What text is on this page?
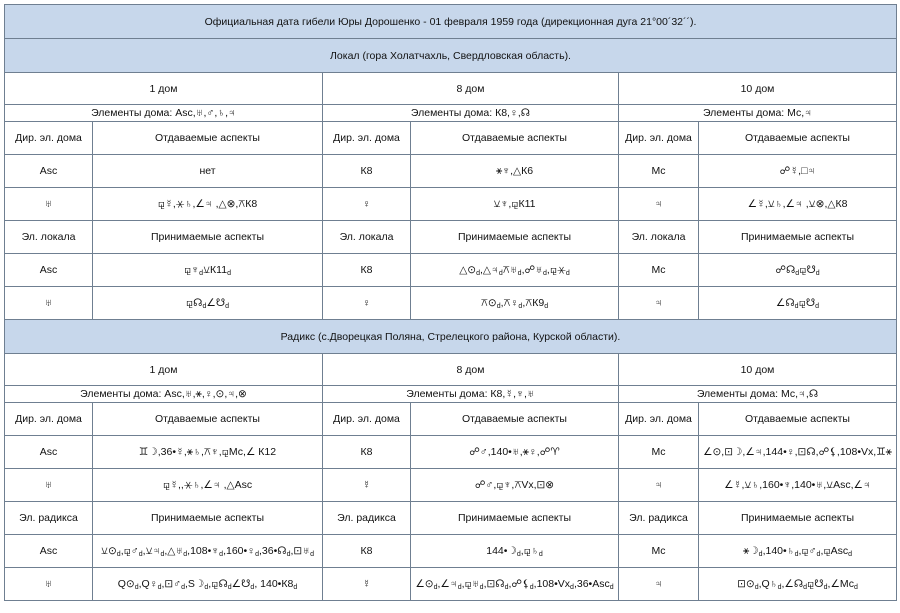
Официальная дата гибели Юры Дорошенко - 01 февраля 1959 года (дирекционная дуга 21°00´32´´).					
Локал (гора Холатчахль, Свердловская область).					
1 дом		8 дом		10 дом	
Элементы дома: Asc,♅,♂,♄,♃		Элементы дома: К8,♀,☊		Элементы дома: Мс,♃	
Дир. эл. дома	Отдаваемые аспекты	Дир. эл. дома	Отдаваемые аспекты	Дир. эл. дома	Отдаваемые аспекты
Asc	нет	К8	⚹♆,△К6	Мс	☍☿,□♃
♅	⚼☿,⚹♄,∠♃ ,△⊗,⚻К8	♀	⚺♆,⚼К11	♃	∠☿,⚺♄,∠♃ ,⚺⊗,△К8
Эл. локала	Принимаемые аспекты	Эл. локала	Принимаемые аспекты	Эл. локала	Принимаемые аспекты
Asc	$⚼♆_d⚺К11_d$	К8	$\triangle⊙_d,\triangle♃_d⚻♅_d,☍♅_d,⚼⚹_d$	Мс	$☍☊_d⚼☋_d$
♅	$⚼☊_d\angle☋_d$	♀	$⚻⊙_d,⚻♀_d,⚻К9_d$	♃	$\angle☊_d⚼☋_d$
Радикс (с.Дворецкая Поляна, Стрелецкого района, Курской области).					
1 дом		8 дом		10 дом	
Элементы дома: Asc,♅,⚹,♀,⊙,♃,⊗		Элементы дома: К8,☿,♆,♅		Элементы дома: Мс,♃,☊	
Дир. эл. дома	Отдаваемые аспекты	Дир. эл. дома	Отдаваемые аспекты	Дир. эл. дома	Отдаваемые аспекты
Asc	♊☽,36•☿,⚹♄,⚻♆,⚼Мс,∠ К12	К8	☍♂,140•♅,⚹♀,☍♈	Мс	∠⊙,⊡☽,∠♃,144•♀,⊡☊,☍⚸,108•Vx,♊⚹
♅	⚼☿,,⚹♄,∠♃ ,△Asc	☿	☍♂,⚼♆,⚻Vx,⊡⊗	♃	∠☿,⚺♄,160•♆,140•♅,⚺Asc,∠♃
Эл. радикса	Принимаемые аспекты	Эл. радикса	Принимаемые аспекты	Эл. радикса	Принимаемые аспекты
Asc	$⚺⊙_d,⚼♂_d,⚺♃_d,\triangle♅_d,108•♆_d,160•♀_d,36•☊_d,⊡♅_d$	К8	$144•☽_d,⚼♄_d$	Мс	$⚹☽_d,140•♄_d,⚼♂_d,⚼Asc_d$
♅	$Q⊙_d,Q♀_d,⊡♂_d,S☽_d,⚼☊_d\angle☋_d$, $140•К8_d$	☿	$\angle⊙_d,\angle♃_d,⚼♅_d,⊡☊_d,☍⚸_d,108•Vx_d,36•Asc_d$	♃	$⊡⊙_d,Q♄_d,\angle☊_d⚼☋_d,\angle Мс_d$
